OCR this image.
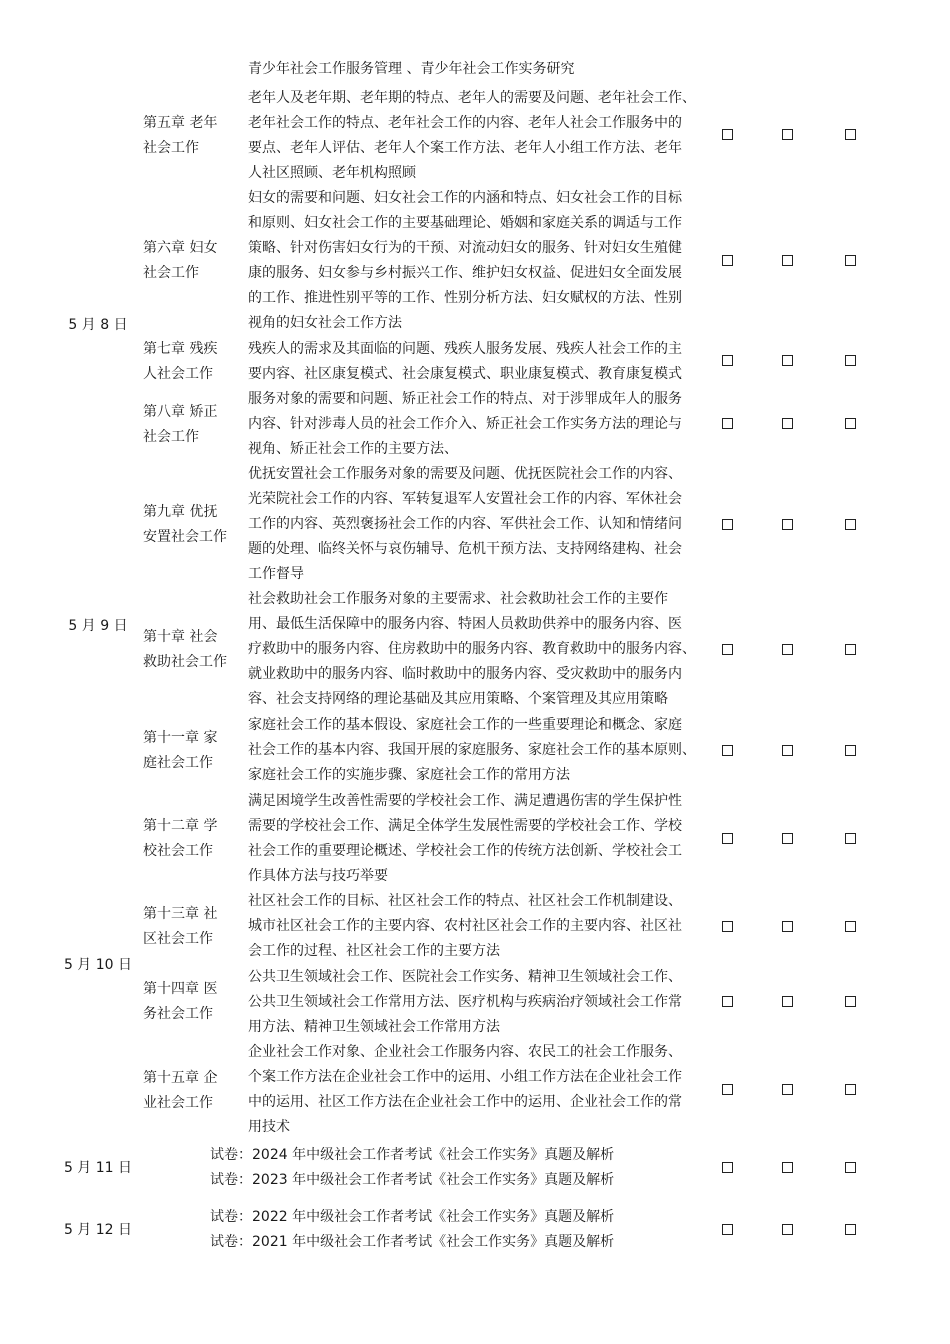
青少年社会工作服务管理 、青少年社会工作实务研究
第五章 老年
社会工作
老年人及老年期、老年期的特点、老年人的需要及问题、老年社会工作、
老年社会工作的特点、老年社会工作的内容、老年人社会工作服务中的
要点、老年人评估、老年人个案工作方法、老年人小组工作方法、老年
人社区照顾、老年机构照顾
第六章 妇女
社会工作
妇女的需要和问题、妇女社会工作的内涵和特点、妇女社会工作的目标
和原则、妇女社会工作的主要基础理论、婚姻和家庭关系的调适与工作
策略、针对伤害妇女行为的干预、对流动妇女的服务、针对妇女生殖健
康的服务、妇女参与乡村振兴工作、维护妇女权益、促进妇女全面发展
的工作、推进性别平等的工作、性别分析方法、妇女赋权的方法、性别
视角的妇女社会工作方法
5 月 8 日
第七章 残疾
人社会工作
残疾人的需求及其面临的问题、残疾人服务发展、残疾人社会工作的主
要内容、社区康复模式、社会康复模式、职业康复模式、教育康复模式
第八章 矫正
社会工作
服务对象的需要和问题、矫正社会工作的特点、对于涉罪成年人的服务
内容、针对涉毒人员的社会工作介入、矫正社会工作实务方法的理论与
视角、矫正社会工作的主要方法、
第九章 优抚
安置社会工作
优抚安置社会工作服务对象的需要及问题、优抚医院社会工作的内容、
光荣院社会工作的内容、军转复退军人安置社会工作的内容、军休社会
工作的内容、英烈褒扬社会工作的内容、军供社会工作、认知和情绪问
题的处理、临终关怀与哀伤辅导、危机干预方法、支持网络建构、社会
工作督导
5 月 9 日
第十章 社会
救助社会工作
社会救助社会工作服务对象的主要需求、社会救助社会工作的主要作
用、最低生活保障中的服务内容、特困人员救助供养中的服务内容、医
疗救助中的服务内容、住房救助中的服务内容、教育救助中的服务内容、
就业救助中的服务内容、临时救助中的服务内容、受灾救助中的服务内
容、社会支持网络的理论基础及其应用策略、个案管理及其应用策略
第十一章 家
庭社会工作
家庭社会工作的基本假设、家庭社会工作的一些重要理论和概念、家庭
社会工作的基本内容、我国开展的家庭服务、家庭社会工作的基本原则、
家庭社会工作的实施步骤、家庭社会工作的常用方法
第十二章 学
校社会工作
满足困境学生改善性需要的学校社会工作、满足遭遇伤害的学生保护性
需要的学校社会工作、满足全体学生发展性需要的学校社会工作、学校
社会工作的重要理论概述、学校社会工作的传统方法创新、学校社会工
作具体方法与技巧举要
第十三章 社
区社会工作
社区社会工作的目标、社区社会工作的特点、社区社会工作机制建设、
城市社区社会工作的主要内容、农村社区社会工作的主要内容、社区社
会工作的过程、社区社会工作的主要方法
5 月 10 日
第十四章 医
务社会工作
公共卫生领域社会工作、医院社会工作实务、精神卫生领域社会工作、
公共卫生领域社会工作常用方法、医疗机构与疾病治疗领域社会工作常
用方法、精神卫生领域社会工作常用方法
第十五章 企
业社会工作
企业社会工作对象、企业社会工作服务内容、农民工的社会工作服务、
个案工作方法在企业社会工作中的运用、小组工作方法在企业社会工作
中的运用、社区工作方法在企业社会工作中的运用、企业社会工作的常
用技术
5 月 11 日
试卷：2024 年中级社会工作者考试《社会工作实务》真题及解析
试卷：2023 年中级社会工作者考试《社会工作实务》真题及解析
5 月 12 日
试卷：2022 年中级社会工作者考试《社会工作实务》真题及解析
试卷：2021 年中级社会工作者考试《社会工作实务》真题及解析
